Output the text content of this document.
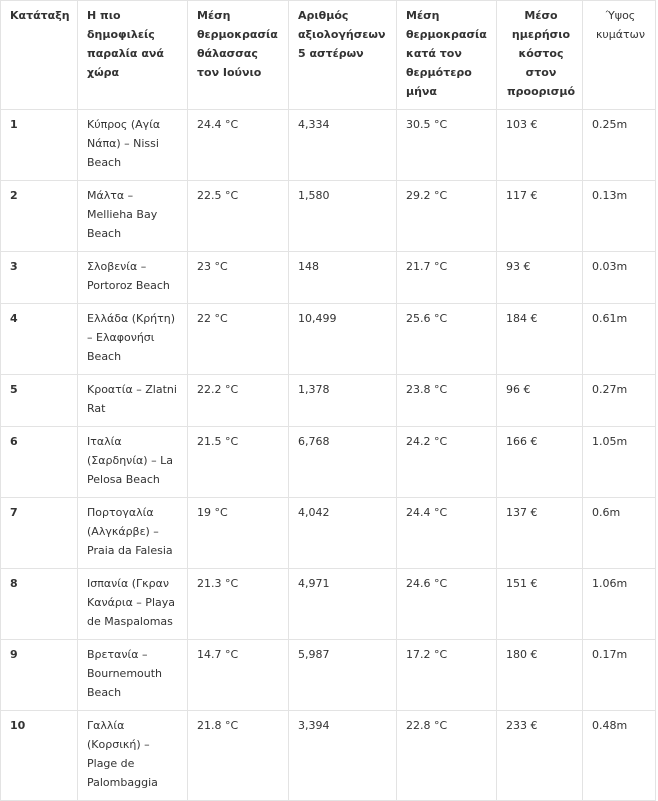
Κατάταξη	Η πιο δημοφιλείς παραλία ανά χώρα	Μέση θερμοκρασία θάλασσας τον Ιούνιο	Αριθμός αξιολογήσεων 5 αστέρων	Μέση θερμοκρασία κατά τον θερμότερο μήνα	Μέσο ημερήσιο κόστος στον προορισμό	Ύψος κυμάτων
1	Κύπρος (Αγία Νάπα) – Nissi Beach	24.4 °C	4,334	30.5 °C	103 €	0.25m
2	Μάλτα – Mellieha Bay Beach	22.5 °C	1,580	29.2 °C	117 €	0.13m
3	Σλοβενία – Portoroz Beach	23 °C	148	21.7 °C	93 €	0.03m
4	Ελλάδα (Κρήτη) – Ελαφονήσι Beach	22 °C	10,499	25.6 °C	184 €	0.61m
5	Κροατία – Zlatni Rat	22.2 °C	1,378	23.8 °C	96 €	0.27m
6	Ιταλία (Σαρδηνία) – La Pelosa Beach	21.5 °C	6,768	24.2 °C	166 €	1.05m
7	Πορτογαλία (Αλγκάρβε) – Praia da Falesia	19 °C	4,042	24.4 °C	137 €	0.6m
8	Ισπανία (Γκραν Κανάρια – Playa de Maspalomas	21.3 °C	4,971	24.6 °C	151 €	1.06m
9	Βρετανία – Bournemouth Beach	14.7 °C	5,987	17.2 °C	180 €	0.17m
10	Γαλλία (Κορσική) – Plage de Palombaggia	21.8 °C	3,394	22.8 °C	233 €	0.48m
